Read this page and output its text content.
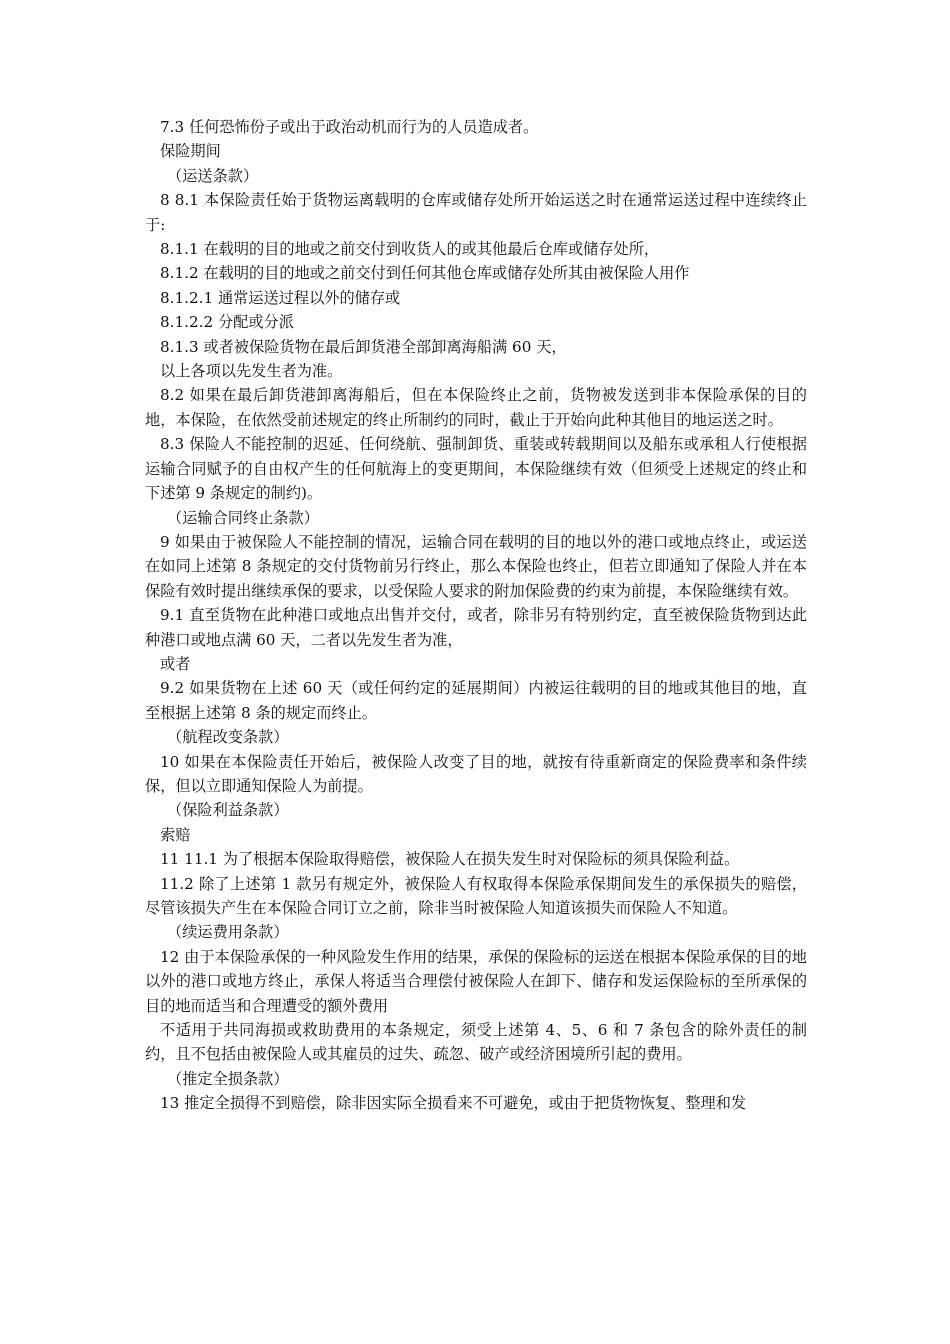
7.3 任何恐怖份子或出于政治动机而行为的人员造成者。

保险期间

（运送条款）

8 8.1 本保险责任始于货物运离载明的仓库或储存处所开始运送之时在通常运送过程中连续终止于:

8.1.1 在载明的目的地或之前交付到收货人的或其他最后仓库或储存处所，

8.1.2 在载明的目的地或之前交付到任何其他仓库或储存处所其由被保险人用作

8.1.2.1 通常运送过程以外的储存或

8.1.2.2 分配或分派

8.1.3 或者被保险货物在最后卸货港全部卸离海船满 60 天，

以上各项以先发生者为准。

8.2 如果在最后卸货港卸离海船后，但在本保险终止之前，货物被发送到非本保险承保的目的地，本保险，在依然受前述规定的终止所制约的同时，截止于开始向此种其他目的地运送之时。

8.3 保险人不能控制的迟延、任何绕航、强制卸货、重装或转载期间以及船东或承租人行使根据运输合同赋予的自由权产生的任何航海上的变更期间，本保险继续有效（但须受上述规定的终止和下述第 9 条规定的制约)。

（运输合同终止条款）

9 如果由于被保险人不能控制的情况，运输合同在载明的目的地以外的港口或地点终止，或运送在如同上述第 8 条规定的交付货物前另行终止，那么本保险也终止，但若立即通知了保险人并在本保险有效时提出继续承保的要求，以受保险人要求的附加保险费的约束为前提，本保险继续有效。

9.1 直至货物在此种港口或地点出售并交付，或者，除非另有特别约定，直至被保险货物到达此种港口或地点满 60 天，二者以先发生者为准，

或者

9.2 如果货物在上述 60 天（或任何约定的延展期间）内被运往载明的目的地或其他目的地，直至根据上述第 8 条的规定而终止。

（航程改变条款）

10 如果在本保险责任开始后，被保险人改变了目的地，就按有待重新商定的保险费率和条件续保，但以立即通知保险人为前提。

（保险利益条款）

索赔

11 11.1 为了根据本保险取得赔偿，被保险人在损失发生时对保险标的须具保险利益。

11.2 除了上述第 1 款另有规定外，被保险人有权取得本保险承保期间发生的承保损失的赔偿，尽管该损失产生在本保险合同订立之前，除非当时被保险人知道该损失而保险人不知道。

（续运费用条款）

12 由于本保险承保的一种风险发生作用的结果，承保的保险标的运送在根据本保险承保的目的地以外的港口或地方终止，承保人将适当合理偿付被保险人在卸下、储存和发运保险标的至所承保的目的地而适当和合理遭受的额外费用

不适用于共同海损或救助费用的本条规定，须受上述第 4、5、6 和 7 条包含的除外责任的制约，且不包括由被保险人或其雇员的过失、疏忽、破产或经济困境所引起的费用。

（推定全损条款）

13 推定全损得不到赔偿，除非因实际全损看来不可避免，或由于把货物恢复、整理和发
